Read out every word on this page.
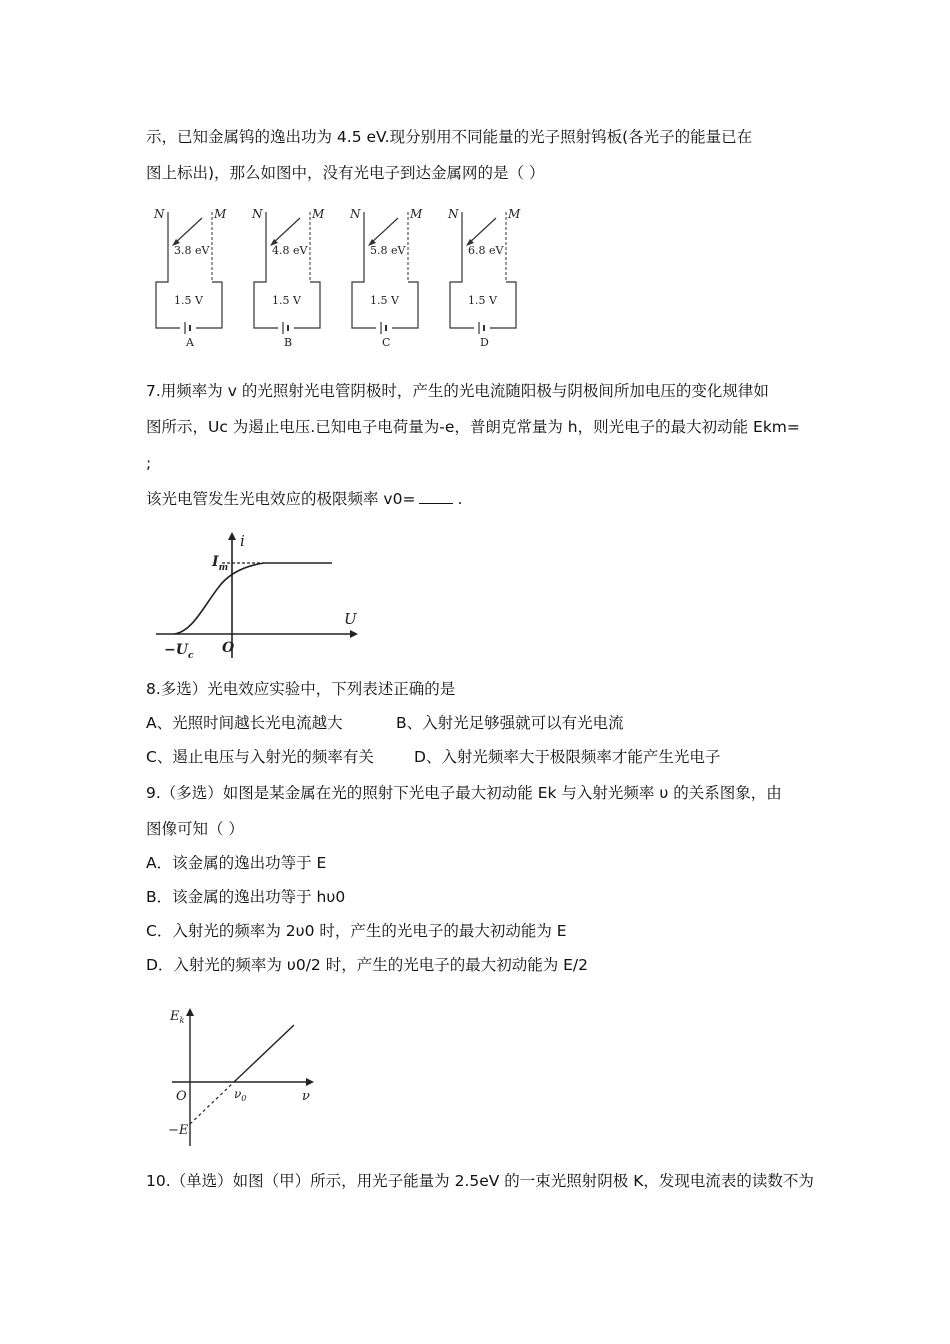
示，已知金属钨的逸出功为 4.5 eV.现分别用不同能量的光子照射钨板(各光子的能量已在
图上标出)，那么如图中，没有光电子到达金属网的是（ ）
N	M
3.8 eV
1.5 V
A
N	M
4.8 eV
1.5 V
B
N	M
5.8 eV
1.5 V
C
N	M
6.8 eV
1.5 V
D
7.用频率为 v 的光照射光电管阴极时，产生的光电流随阳极与阴极间所加电压的变化规律如
图所示，Uc 为遏止电压.已知电子电荷量为-e，普朗克常量为 h，则光电子的最大初动能 Ekm=
;
该光电管发生光电效应的极限频率 v0=	.
i
U
$I_m$
O
$-U_c$
8.多选）光电效应实验中，下列表述正确的是
A、光照时间越长光电流越大	B、入射光足够强就可以有光电流
C、遏止电压与入射光的频率有关	D、入射光频率大于极限频率才能产生光电子
9.（多选）如图是某金属在光的照射下光电子最大初动能 Ek 与入射光频率 υ 的关系图象，由
图像可知（ ）
A．该金属的逸出功等于 E
B．该金属的逸出功等于 hυ0
C．入射光的频率为 2υ0 时，产生的光电子的最大初动能为 E
D．入射光的频率为 υ0/2 时，产生的光电子的最大初动能为 E/2
$E_k$
ν
O	$\nu_0$
−E
10.（单选）如图（甲）所示，用光子能量为 2.5eV 的一束光照射阴极 K，发现电流表的读数不为
